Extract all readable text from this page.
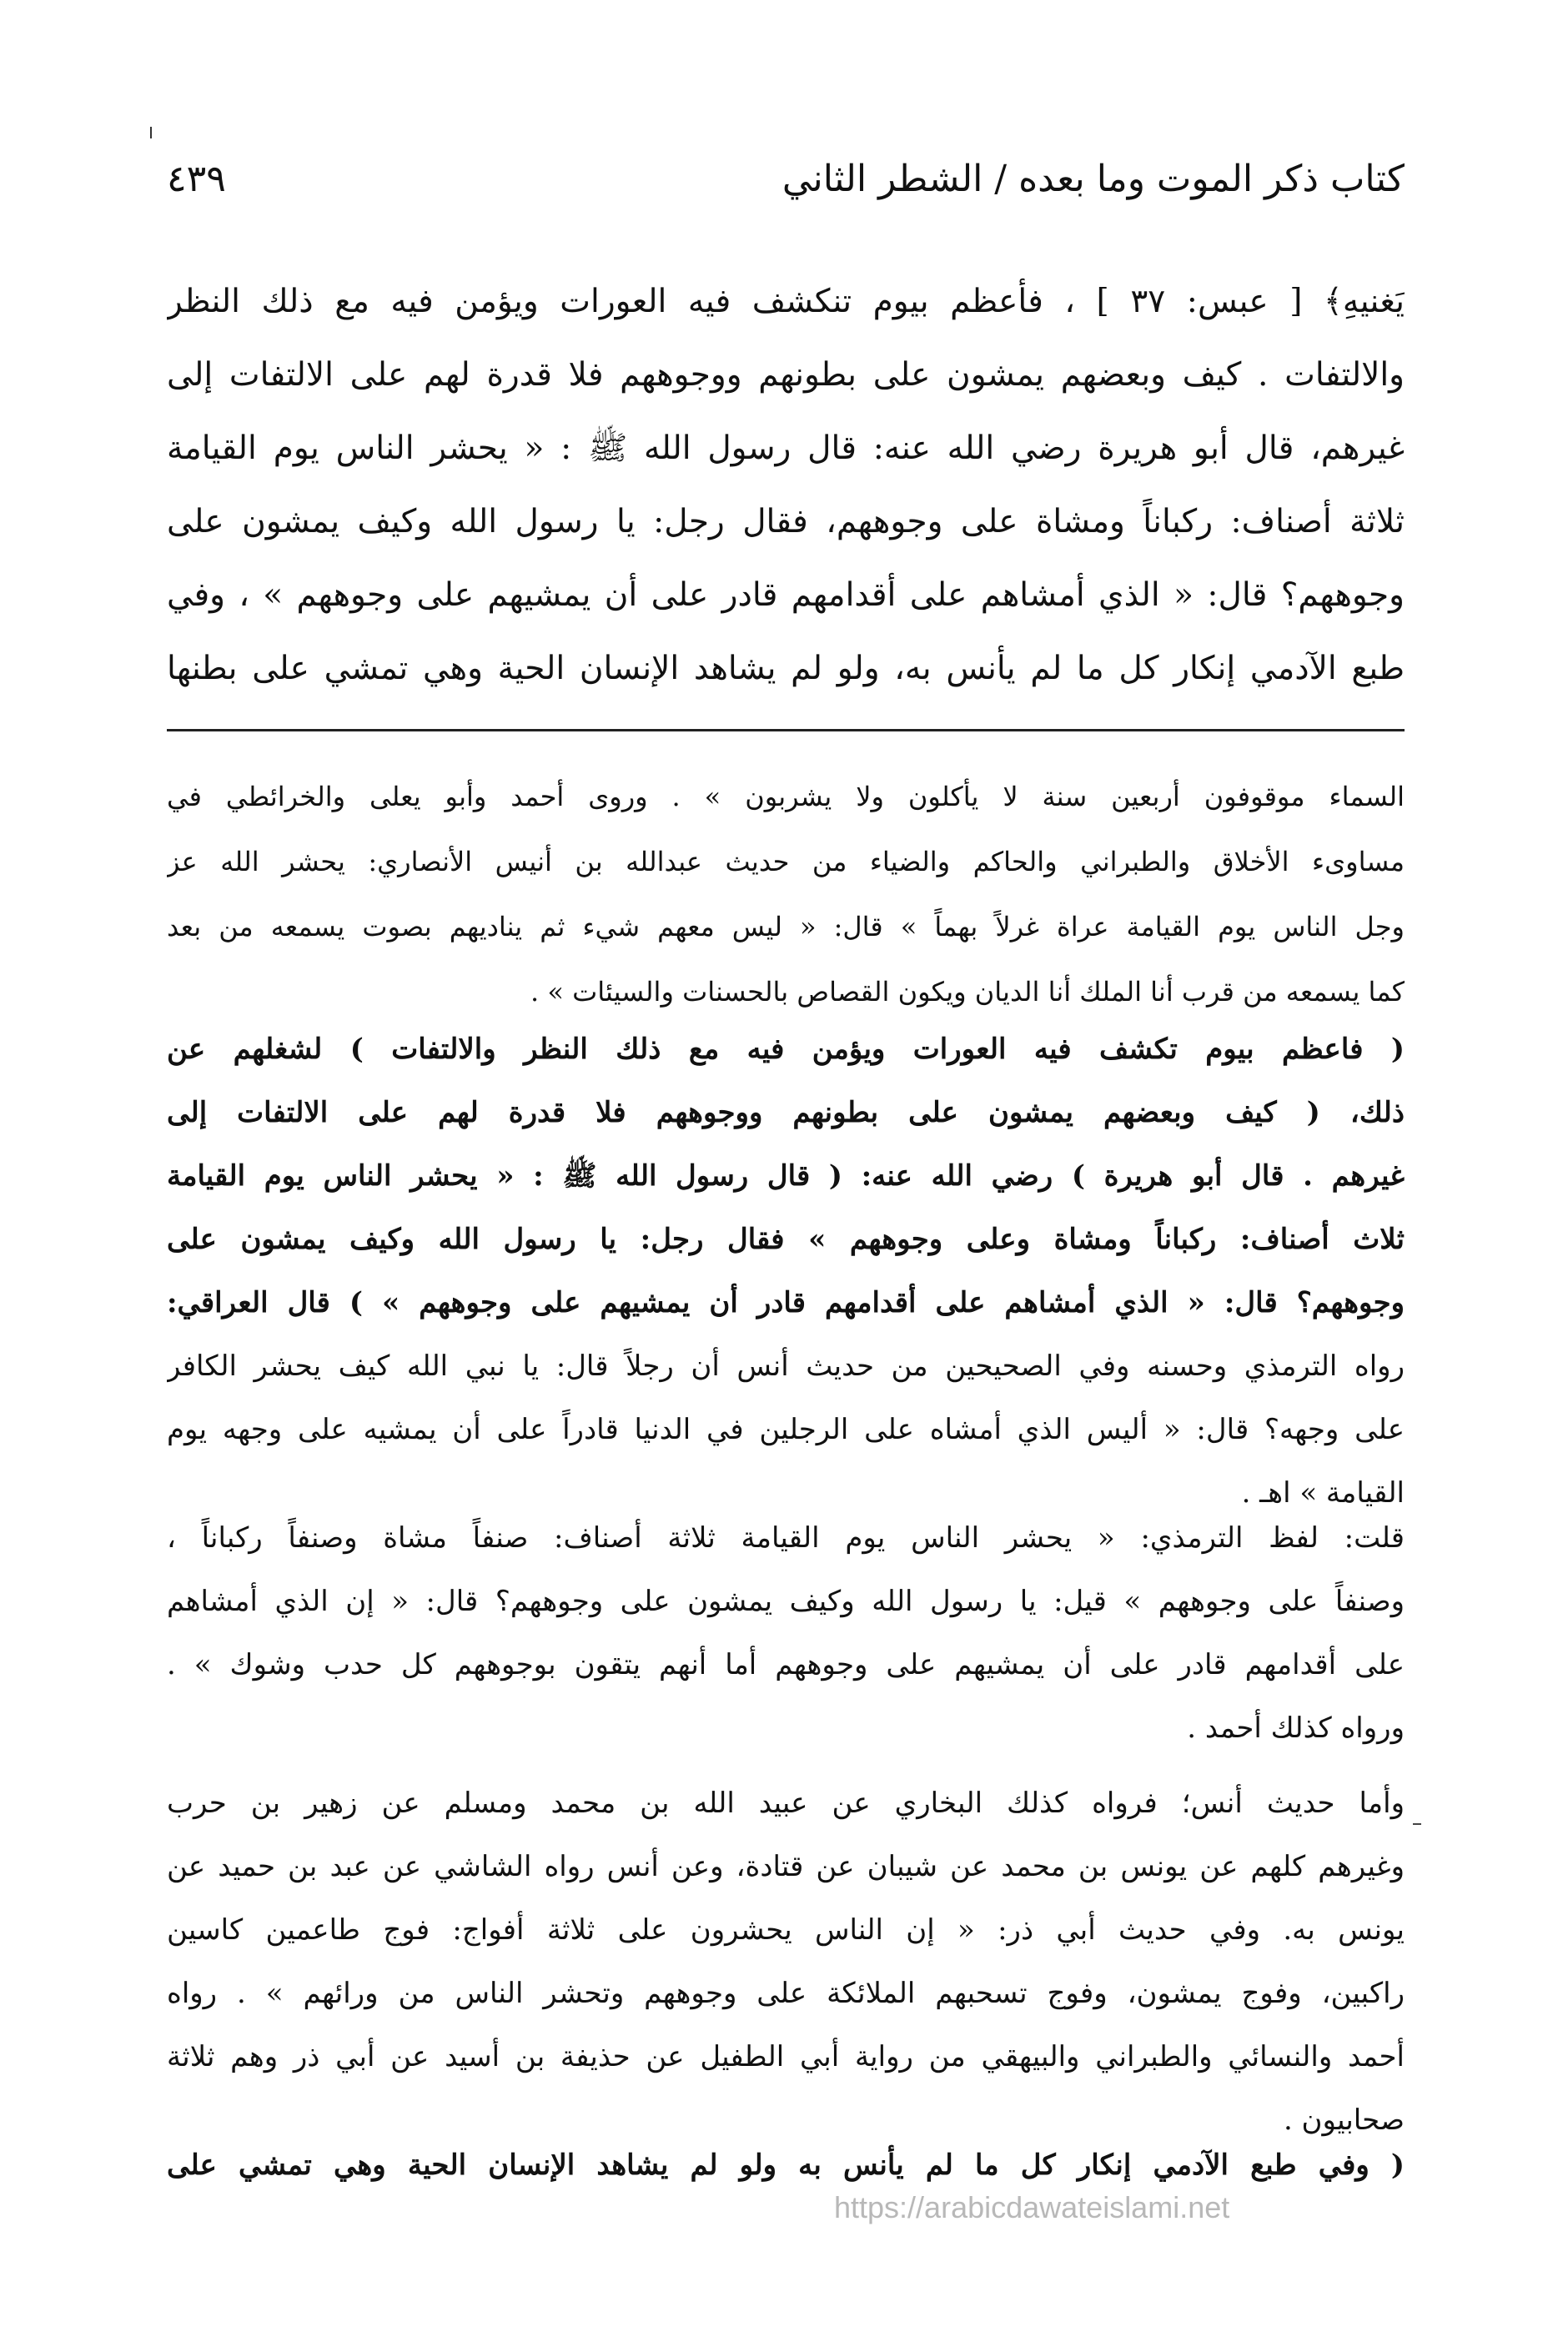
كتاب ذكر الموت وما بعده / الشطر الثاني
٤٣٩
يَغنيهِ﴾ [ عبس: ٣٧ ] ، فأعظم بيوم تنكشف فيه العورات ويؤمن فيه مع ذلك النظر
والالتفات . كيف وبعضهم يمشون على بطونهم ووجوههم فلا قدرة لهم على الالتفات إلى
غيرهم، قال أبو هريرة رضي الله عنه: قال رسول الله ﷺ : « يحشر الناس يوم القيامة
ثلاثة أصناف: ركباناً ومشاة على وجوههم، فقال رجل: يا رسول الله وكيف يمشون على
وجوههم؟ قال: « الذي أمشاهم على أقدامهم قادر على أن يمشيهم على وجوههم » ، وفي
طبع الآدمي إنكار كل ما لم يأنس به، ولو لم يشاهد الإنسان الحية وهي تمشي على بطنها
السماء موقوفون أربعين سنة لا يأكلون ولا يشربون » . وروى أحمد وأبو يعلى والخرائطي في
مساوىء الأخلاق والطبراني والحاكم والضياء من حديث عبدالله بن أنيس الأنصاري: يحشر الله عز
وجل الناس يوم القيامة عراة غرلاً بهماً » قال: « ليس معهم شيء ثم يناديهم بصوت يسمعه من بعد
كما يسمعه من قرب أنا الملك أنا الديان ويكون القصاص بالحسنات والسيئات » .
( فاعظم بيوم تكشف فيه العورات ويؤمن فيه مع ذلك النظر والالتفات ) لشغلهم عن
ذلك، ( كيف وبعضهم يمشون على بطونهم ووجوههم فلا قدرة لهم على الالتفات إلى
غيرهم . قال أبو هريرة ) رضي الله عنه: ( قال رسول الله ﷺ : « يحشر الناس يوم القيامة
ثلاث أصناف: ركباناً ومشاة وعلى وجوههم » فقال رجل: يا رسول الله وكيف يمشون على
وجوههم؟ قال: « الذي أمشاهم على أقدامهم قادر أن يمشيهم على وجوههم » ) قال العراقي:
رواه الترمذي وحسنه وفي الصحيحين من حديث أنس أن رجلاً قال: يا نبي الله كيف يحشر الكافر
على وجهه؟ قال: « أليس الذي أمشاه على الرجلين في الدنيا قادراً على أن يمشيه على وجهه يوم
القيامة » اهـ .
قلت: لفظ الترمذي: « يحشر الناس يوم القيامة ثلاثة أصناف: صنفاً مشاة وصنفاً ركباناً ،
وصنفاً على وجوههم » قيل: يا رسول الله وكيف يمشون على وجوههم؟ قال: « إن الذي أمشاهم
على أقدامهم قادر على أن يمشيهم على وجوههم أما أنهم يتقون بوجوههم كل حدب وشوك » .
ورواه كذلك أحمد .
وأما حديث أنس؛ فرواه كذلك البخاري عن عبيد الله بن محمد ومسلم عن زهير بن حرب
وغيرهم كلهم عن يونس بن محمد عن شيبان عن قتادة، وعن أنس رواه الشاشي عن عبد بن حميد عن
يونس به. وفي حديث أبي ذر: « إن الناس يحشرون على ثلاثة أفواج: فوج طاعمين كاسين
راكبين، وفوج يمشون، وفوج تسحبهم الملائكة على وجوههم وتحشر الناس من ورائهم » . رواه
أحمد والنسائي والطبراني والبيهقي من رواية أبي الطفيل عن حذيفة بن أسيد عن أبي ذر وهم ثلاثة
صحابيون .
( وفي طبع الآدمي إنكار كل ما لم يأنس به ولو لم يشاهد الإنسان الحية وهي تمشي على
https://arabicdawateislami.net
